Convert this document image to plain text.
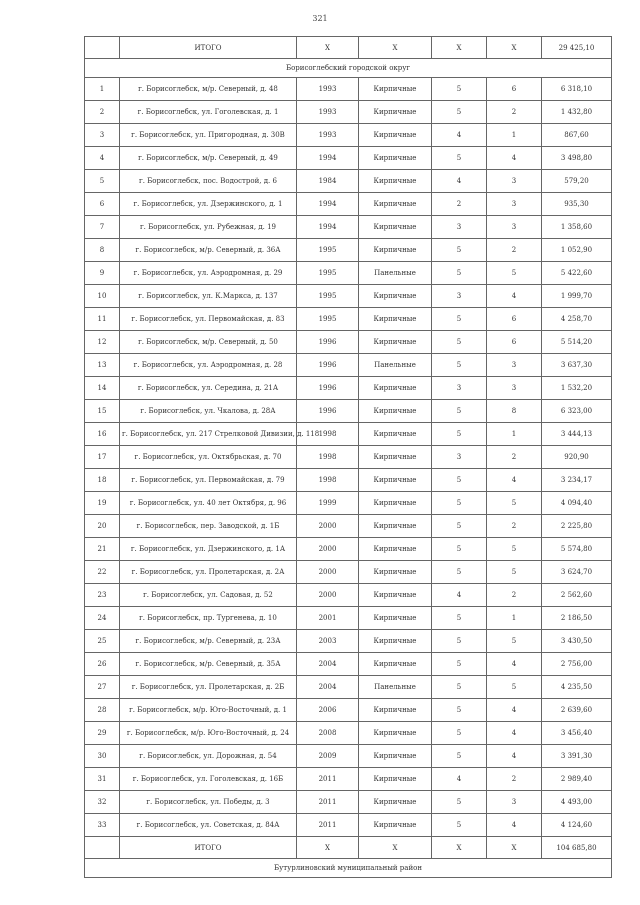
321
	ИТОГО	X	X	X	X	29 425,10
Борисоглебский городской округ						
1	г. Борисоглебск, м/р. Северный, д. 48	1993	Кирпичные	5	6	6 318,10
2	г. Борисоглебск, ул. Гоголевская, д. 1	1993	Кирпичные	5	2	1 432,80
3	г. Борисоглебск, ул. Пригородная, д. 30В	1993	Кирпичные	4	1	867,60
4	г. Борисоглебск, м/р. Северный, д. 49	1994	Кирпичные	5	4	3 498,80
5	г. Борисоглебск, пос. Водострой, д. 6	1984	Кирпичные	4	3	579,20
6	г. Борисоглебск, ул. Дзержинского, д. 1	1994	Кирпичные	2	3	935,30
7	г. Борисоглебск, ул. Рубежная, д. 19	1994	Кирпичные	3	3	1 358,60
8	г. Борисоглебск, м/р. Северный, д. 36А	1995	Кирпичные	5	2	1 052,90
9	г. Борисоглебск, ул. Аэродромная, д. 29	1995	Панельные	5	5	5 422,60
10	г. Борисоглебск, ул. К.Маркса, д. 137	1995	Кирпичные	3	4	1 999,70
11	г. Борисоглебск, ул. Первомайская, д. 83	1995	Кирпичные	5	6	4 258,70
12	г. Борисоглебск, м/р. Северный, д. 50	1996	Кирпичные	5	6	5 514,20
13	г. Борисоглебск, ул. Аэродромная, д. 28	1996	Панельные	5	3	3 637,30
14	г. Борисоглебск, ул. Середина, д. 21А	1996	Кирпичные	3	3	1 532,20
15	г. Борисоглебск, ул. Чкалова, д. 28А	1996	Кирпичные	5	8	6 323,00
16	г. Борисоглебск, ул. 217 Стрелковой Дивизии, д. 118	1998	Кирпичные	5	1	3 444,13
17	г. Борисоглебск, ул. Октябрьская, д. 70	1998	Кирпичные	3	2	920,90
18	г. Борисоглебск, ул. Первомайская, д. 79	1998	Кирпичные	5	4	3 234,17
19	г. Борисоглебск, ул. 40 лет Октября, д. 96	1999	Кирпичные	5	5	4 094,40
20	г. Борисоглебск, пер. Заводской, д. 1Б	2000	Кирпичные	5	2	2 225,80
21	г. Борисоглебск, ул. Дзержинского, д. 1А	2000	Кирпичные	5	5	5 574,80
22	г. Борисоглебск, ул. Пролетарская, д. 2А	2000	Кирпичные	5	5	3 624,70
23	г. Борисоглебск, ул. Садовая, д. 52	2000	Кирпичные	4	2	2 562,60
24	г. Борисоглебск, пр. Тургенева, д. 10	2001	Кирпичные	5	1	2 186,50
25	г. Борисоглебск, м/р. Северный, д. 23А	2003	Кирпичные	5	5	3 430,50
26	г. Борисоглебск, м/р. Северный, д. 35А	2004	Кирпичные	5	4	2 756,00
27	г. Борисоглебск, ул. Пролетарская, д. 2Б	2004	Панельные	5	5	4 235,50
28	г. Борисоглебск, м/р. Юго-Восточный, д. 1	2006	Кирпичные	5	4	2 639,60
29	г. Борисоглебск, м/р. Юго-Восточный, д. 24	2008	Кирпичные	5	4	3 456,40
30	г. Борисоглебск, ул. Дорожная, д. 54	2009	Кирпичные	5	4	3 391,30
31	г. Борисоглебск, ул. Гоголевская, д. 16Б	2011	Кирпичные	4	2	2 989,40
32	г. Борисоглебск, ул. Победы, д. 3	2011	Кирпичные	5	3	4 493,00
33	г. Борисоглебск, ул. Советская, д. 84А	2011	Кирпичные	5	4	4 124,60
	ИТОГО	X	X	X	X	104 685,80
Бутурлиновский муниципальный район						
